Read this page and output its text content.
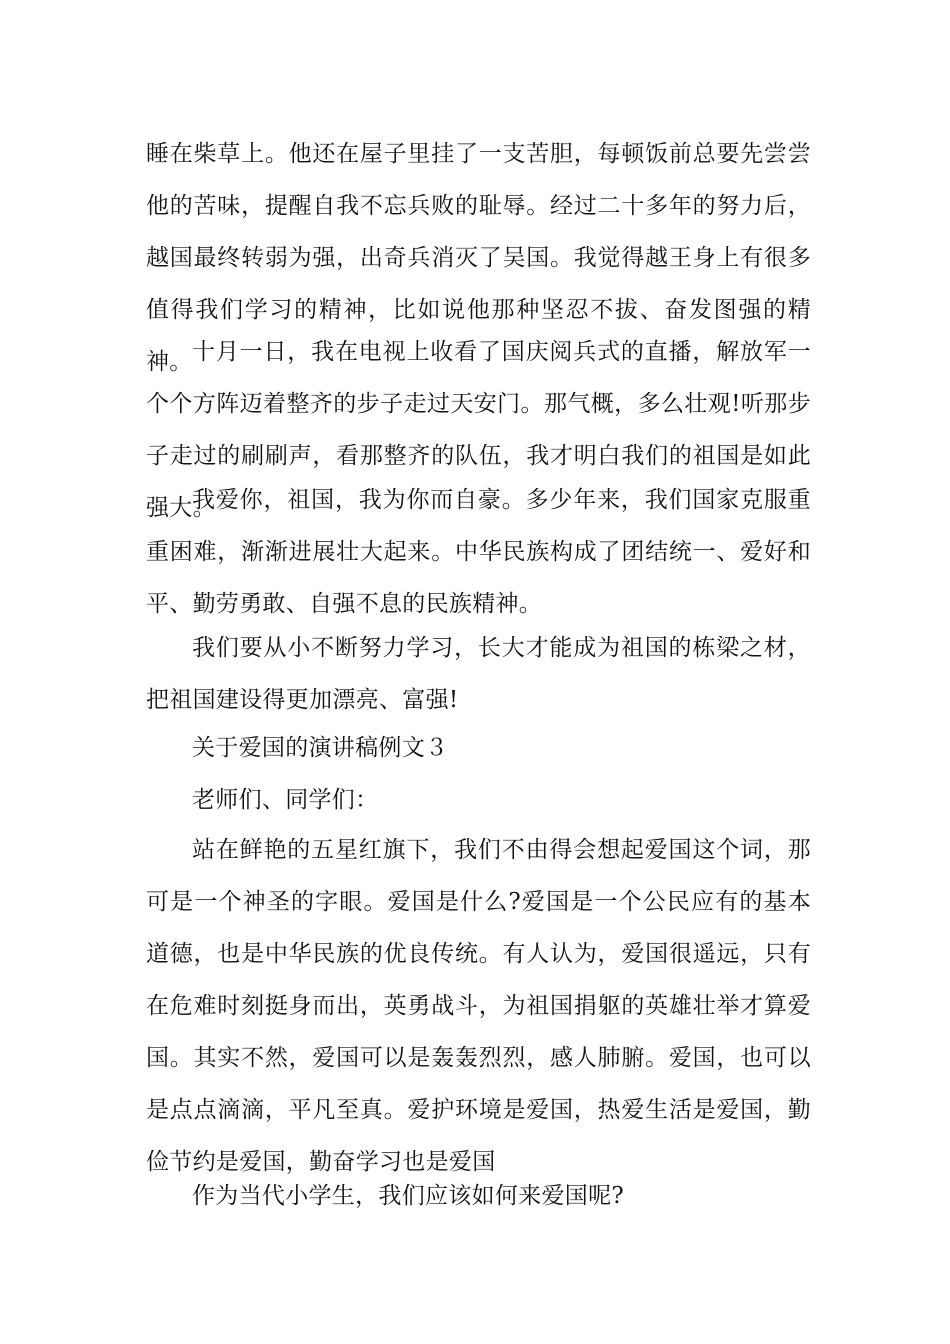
睡在柴草上。他还在屋子里挂了一支苦胆，每顿饭前总要先尝尝他的苦味，提醒自我不忘兵败的耻辱。经过二十多年的努力后，越国最终转弱为强，出奇兵消灭了吴国。我觉得越王身上有很多值得我们学习的精神，比如说他那种坚忍不拔、奋发图强的精神。 十月一日，我在电视上收看了国庆阅兵式的直播，解放军一个个方阵迈着整齐的步子走过天安门。那气概，多么壮观!听那步子走过的刷刷声，看那整齐的队伍，我才明白我们的祖国是如此强大。

我爱你，祖国，我为你而自豪。多少年来，我们国家克服重重困难，渐渐进展壮大起来。中华民族构成了团结统一、爱好和平、勤劳勇敢、自强不息的民族精神。

我们要从小不断努力学习，长大才能成为祖国的栋梁之材，把祖国建设得更加漂亮、富强!

关于爱国的演讲稿例文３

老师们、同学们：

站在鲜艳的五星红旗下，我们不由得会想起爱国这个词，那可是一个神圣的字眼。爱国是什么?爱国是一个公民应有的基本道德，也是中华民族的优良传统。有人认为，爱国很遥远，只有在危难时刻挺身而出，英勇战斗，为祖国捐躯的英雄壮举才算爱国。其实不然，爱国可以是轰轰烈烈，感人肺腑。爱国，也可以是点点滴滴，平凡至真。爱护环境是爱国，热爱生活是爱国，勤俭节约是爱国，勤奋学习也是爱国

作为当代小学生，我们应该如何来爱国呢?
